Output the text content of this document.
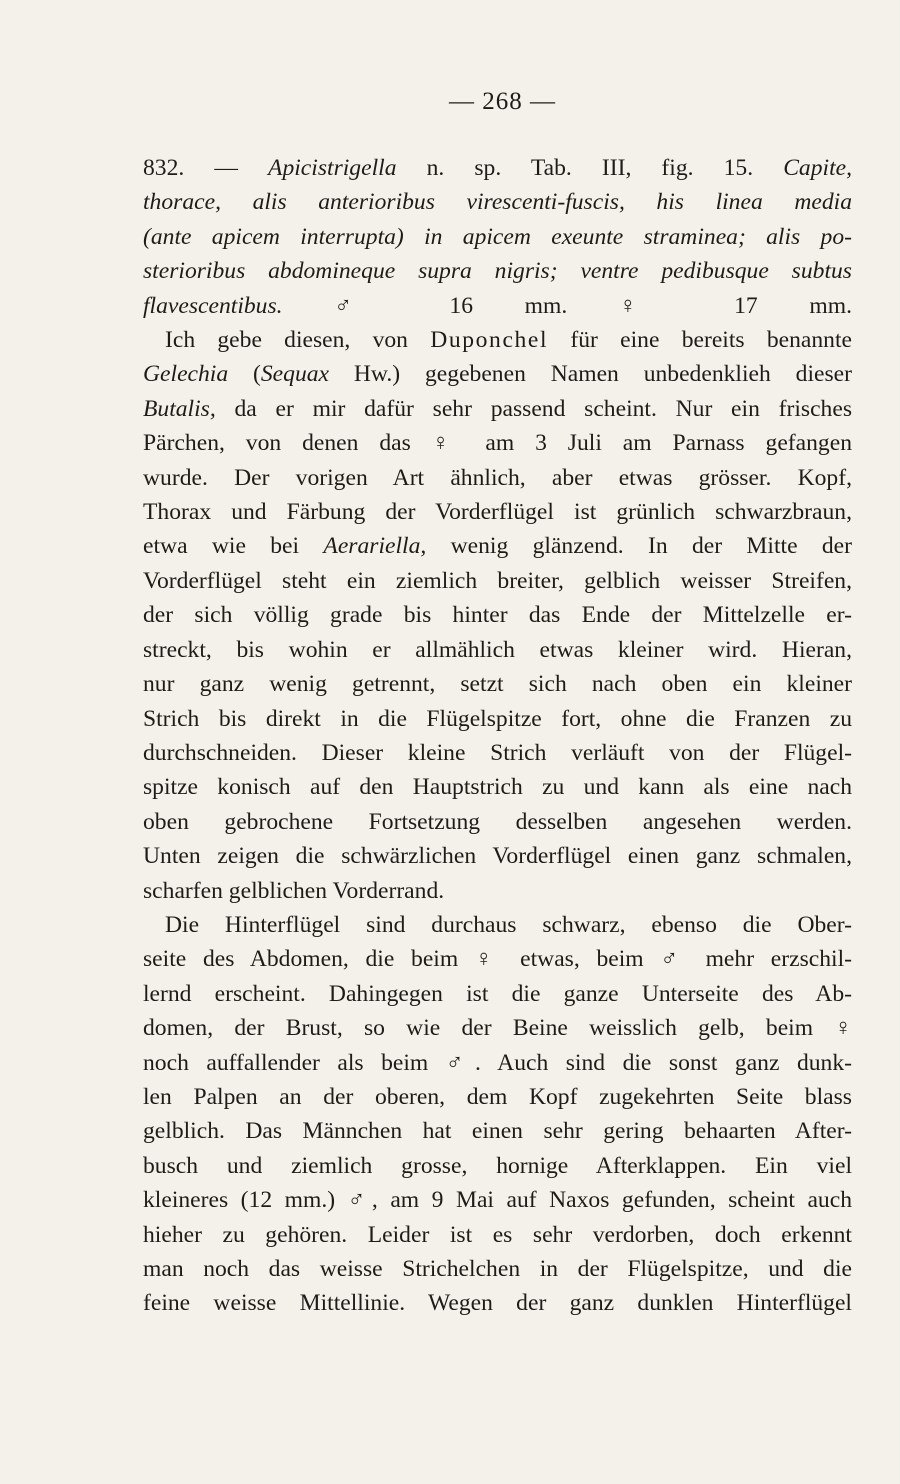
— 268 —
832. — Apicistrigella n. sp. Tab. III, fig. 15. Capite,
thorace, alis anterioribus virescenti-fuscis, his linea media
(ante apicem interrupta) in apicem exeunte straminea; alis po-
sterioribus abdomineque supra nigris; ventre pedibusque subtus
flavescentibus. ♂ 16 mm. ♀ 17 mm.
Ich gebe diesen, von Duponchel für eine bereits benannte
Gelechia (Sequax Hw.) gegebenen Namen unbedenklieh dieser
Butalis, da er mir dafür sehr passend scheint. Nur ein frisches
Pärchen, von denen das ♀ am 3 Juli am Parnass gefangen
wurde. Der vorigen Art ähnlich, aber etwas grösser. Kopf,
Thorax und Färbung der Vorderflügel ist grünlich schwarzbraun,
etwa wie bei Aerariella, wenig glänzend. In der Mitte der
Vorderflügel steht ein ziemlich breiter, gelblich weisser Streifen,
der sich völlig grade bis hinter das Ende der Mittelzelle er-
streckt, bis wohin er allmählich etwas kleiner wird. Hieran,
nur ganz wenig getrennt, setzt sich nach oben ein kleiner
Strich bis direkt in die Flügelspitze fort, ohne die Franzen zu
durchschneiden. Dieser kleine Strich verläuft von der Flügel-
spitze konisch auf den Hauptstrich zu und kann als eine nach
oben gebrochene Fortsetzung desselben angesehen werden.
Unten zeigen die schwärzlichen Vorderflügel einen ganz schmalen,
scharfen gelblichen Vorderrand.
Die Hinterflügel sind durchaus schwarz, ebenso die Ober-
seite des Abdomen, die beim ♀ etwas, beim ♂ mehr erzschil-
lernd erscheint. Dahingegen ist die ganze Unterseite des Ab-
domen, der Brust, so wie der Beine weisslich gelb, beim ♀
noch auffallender als beim ♂. Auch sind die sonst ganz dunk-
len Palpen an der oberen, dem Kopf zugekehrten Seite blass
gelblich. Das Männchen hat einen sehr gering behaarten After-
busch und ziemlich grosse, hornige Afterklappen. Ein viel
kleineres (12 mm.) ♂, am 9 Mai auf Naxos gefunden, scheint auch
hieher zu gehören. Leider ist es sehr verdorben, doch erkennt
man noch das weisse Strichelchen in der Flügelspitze, und die
feine weisse Mittellinie. Wegen der ganz dunklen Hinterflügel
